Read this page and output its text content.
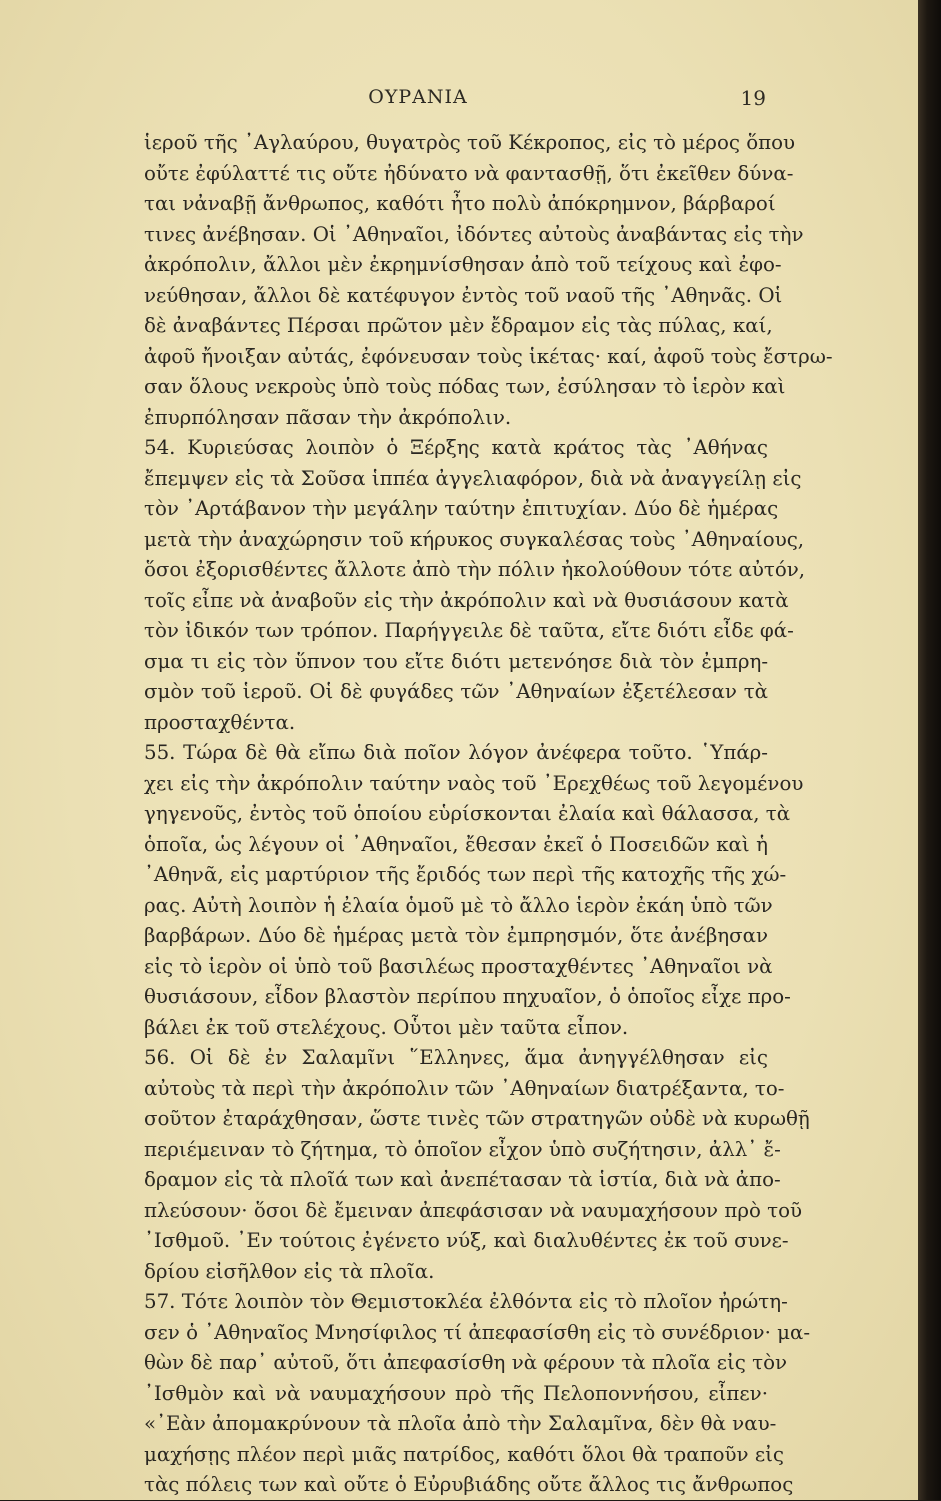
ΟΥΡΑΝΙΑ	19
ἱεροῦ τῆς ᾿Αγλαύρου, θυγατρὸς τοῦ Κέκροπος, εἰς τὸ μέρος ὅπου
οὔτε ἐφύλαττέ τις οὔτε ἠδύνατο νὰ φαντασθῇ, ὅτι ἐκεῖθεν δύνα-
ται νἀναβῇ ἄνθρωπος, καθότι ἦτο πολὺ ἀπόκρημνον, βάρβαροί
τινες ἀνέβησαν. Οἱ ᾿Αθηναῖοι, ἰδόντες αὐτοὺς ἀναβάντας εἰς τὴν
ἀκρόπολιν, ἄλλοι μὲν ἐκρημνίσθησαν ἀπὸ τοῦ τείχους καὶ ἐφο-
νεύθησαν, ἄλλοι δὲ κατέφυγον ἐντὸς τοῦ ναοῦ τῆς ᾿Αθηνᾶς. Οἱ
δὲ ἀναβάντες Πέρσαι πρῶτον μὲν ἔδραμον εἰς τὰς πύλας, καί,
ἀφοῦ ἤνοιξαν αὐτάς, ἐφόνευσαν τοὺς ἱκέτας· καί, ἀφοῦ τοὺς ἔστρω-
σαν ὅλους νεκροὺς ὑπὸ τοὺς πόδας των, ἐσύλησαν τὸ ἱερὸν καὶ
ἐπυρπόλησαν πᾶσαν τὴν ἀκρόπολιν.
54. Κυριεύσας λοιπὸν ὁ Ξέρξης κατὰ κράτος τὰς ᾿Αθήνας
ἔπεμψεν εἰς τὰ Σοῦσα ἱππέα ἀγγελιαφόρον, διὰ νὰ ἀναγγείλῃ εἰς
τὸν ᾿Αρτάβανον τὴν μεγάλην ταύτην ἐπιτυχίαν. Δύο δὲ ἡμέρας
μετὰ τὴν ἀναχώρησιν τοῦ κήρυκος συγκαλέσας τοὺς ᾿Αθηναίους,
ὅσοι ἐξορισθέντες ἄλλοτε ἀπὸ τὴν πόλιν ἠκολούθουν τότε αὐτόν,
τοῖς εἶπε νὰ ἀναβοῦν εἰς τὴν ἀκρόπολιν καὶ νὰ θυσιάσουν κατὰ
τὸν ἰδικόν των τρόπον. Παρήγγειλε δὲ ταῦτα, εἴτε διότι εἶδε φά-
σμα τι εἰς τὸν ὕπνον του εἴτε διότι μετενόησε διὰ τὸν ἐμπρη-
σμὸν τοῦ ἱεροῦ. Οἱ δὲ φυγάδες τῶν ᾿Αθηναίων ἐξετέλεσαν τὰ
προσταχθέντα.
55. Τώρα δὲ θὰ εἴπω διὰ ποῖον λόγον ἀνέφερα τοῦτο. ῾Υπάρ-
χει εἰς τὴν ἀκρόπολιν ταύτην ναὸς τοῦ ᾿Ερεχθέως τοῦ λεγομένου
γηγενοῦς, ἐντὸς τοῦ ὁποίου εὑρίσκονται ἐλαία καὶ θάλασσα, τὰ
ὁποῖα, ὡς λέγουν οἱ ᾿Αθηναῖοι, ἔθεσαν ἐκεῖ ὁ Ποσειδῶν καὶ ἡ
᾿Αθηνᾶ, εἰς μαρτύριον τῆς ἔριδός των περὶ τῆς κατοχῆς τῆς χώ-
ρας. Αὐτὴ λοιπὸν ἡ ἐλαία ὁμοῦ μὲ τὸ ἄλλο ἱερὸν ἐκάη ὑπὸ τῶν
βαρβάρων. Δύο δὲ ἡμέρας μετὰ τὸν ἐμπρησμόν, ὅτε ἀνέβησαν
εἰς τὸ ἱερὸν οἱ ὑπὸ τοῦ βασιλέως προσταχθέντες ᾿Αθηναῖοι νὰ
θυσιάσουν, εἶδον βλαστὸν περίπου πηχυαῖον, ὁ ὁποῖος εἶχε προ-
βάλει ἐκ τοῦ στελέχους. Οὗτοι μὲν ταῦτα εἶπον.
56. Οἱ δὲ ἐν Σαλαμῖνι ῞Ελληνες, ἅμα ἀνηγγέλθησαν εἰς
αὐτοὺς τὰ περὶ τὴν ἀκρόπολιν τῶν ᾿Αθηναίων διατρέξαντα, το-
σοῦτον ἐταράχθησαν, ὥστε τινὲς τῶν στρατηγῶν οὐδὲ νὰ κυρωθῇ
περιέμειναν τὸ ζήτημα, τὸ ὁποῖον εἶχον ὑπὸ συζήτησιν, ἀλλ᾿ ἔ-
δραμον εἰς τὰ πλοῖά των καὶ ἀνεπέτασαν τὰ ἱστία, διὰ νὰ ἀπο-
πλεύσουν· ὅσοι δὲ ἔμειναν ἀπεφάσισαν νὰ ναυμαχήσουν πρὸ τοῦ
᾿Ισθμοῦ. ᾿Εν τούτοις ἐγένετο νύξ, καὶ διαλυθέντες ἐκ τοῦ συνε-
δρίου εἰσῆλθον εἰς τὰ πλοῖα.
57. Τότε λοιπὸν τὸν Θεμιστοκλέα ἐλθόντα εἰς τὸ πλοῖον ἠρώτη-
σεν ὁ ᾿Αθηναῖος Μνησίφιλος τί ἀπεφασίσθη εἰς τὸ συνέδριον· μα-
θὼν δὲ παρ᾿ αὐτοῦ, ὅτι ἀπεφασίσθη νὰ φέρουν τὰ πλοῖα εἰς τὸν
᾿Ισθμὸν καὶ νὰ ναυμαχήσουν πρὸ τῆς Πελοποννήσου, εἶπεν·
«᾿Εὰν ἀπομακρύνουν τὰ πλοῖα ἀπὸ τὴν Σαλαμῖνα, δὲν θὰ ναυ-
μαχήσῃς πλέον περὶ μιᾶς πατρίδος, καθότι ὅλοι θὰ τραποῦν εἰς
τὰς πόλεις των καὶ οὔτε ὁ Εὐρυβιάδης οὔτε ἄλλος τις ἄνθρωπος
